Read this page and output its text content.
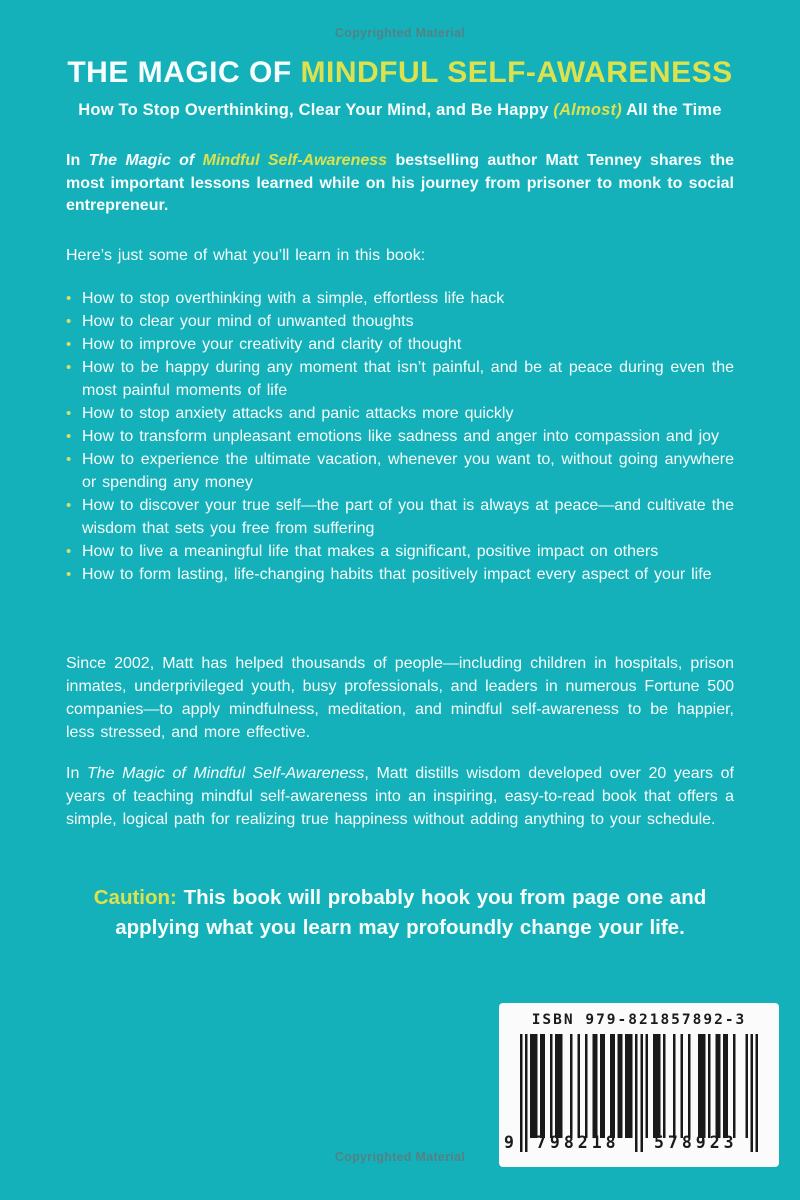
Copyrighted Material
THE MAGIC OF MINDFUL SELF-AWARENESS
How To Stop Overthinking, Clear Your Mind, and Be Happy (Almost) All the Time

In The Magic of Mindful Self-Awareness bestselling author Matt Tenney shares the most important lessons learned while on his journey from prisoner to monk to social entrepreneur.

Here’s just some of what you’ll learn in this book:

• How to stop overthinking with a simple, effortless life hack
• How to clear your mind of unwanted thoughts
• How to improve your creativity and clarity of thought
• How to be happy during any moment that isn’t painful, and be at peace during even the most painful moments of life
• How to stop anxiety attacks and panic attacks more quickly
• How to transform unpleasant emotions like sadness and anger into compassion and joy
• How to experience the ultimate vacation, whenever you want to, without going anywhere or spending any money
• How to discover your true self—the part of you that is always at peace—and cultivate the wisdom that sets you free from suffering
• How to live a meaningful life that makes a significant, positive impact on others
• How to form lasting, life-changing habits that positively impact every aspect of your life

Since 2002, Matt has helped thousands of people—including children in hospitals, prison inmates, underprivileged youth, busy professionals, and leaders in numerous Fortune 500 companies—to apply mindfulness, meditation, and mindful self-awareness to be happier, less stressed, and more effective.

In The Magic of Mindful Self-Awareness, Matt distills wisdom developed over 20 years of years of teaching mindful self-awareness into an inspiring, easy-to-read book that offers a simple, logical path for realizing true happiness without adding anything to your schedule.

Caution: This book will probably hook you from page one and applying what you learn may profoundly change your life.

ISBN 979-821857892-3
9 798218 578923
Copyrighted Material
